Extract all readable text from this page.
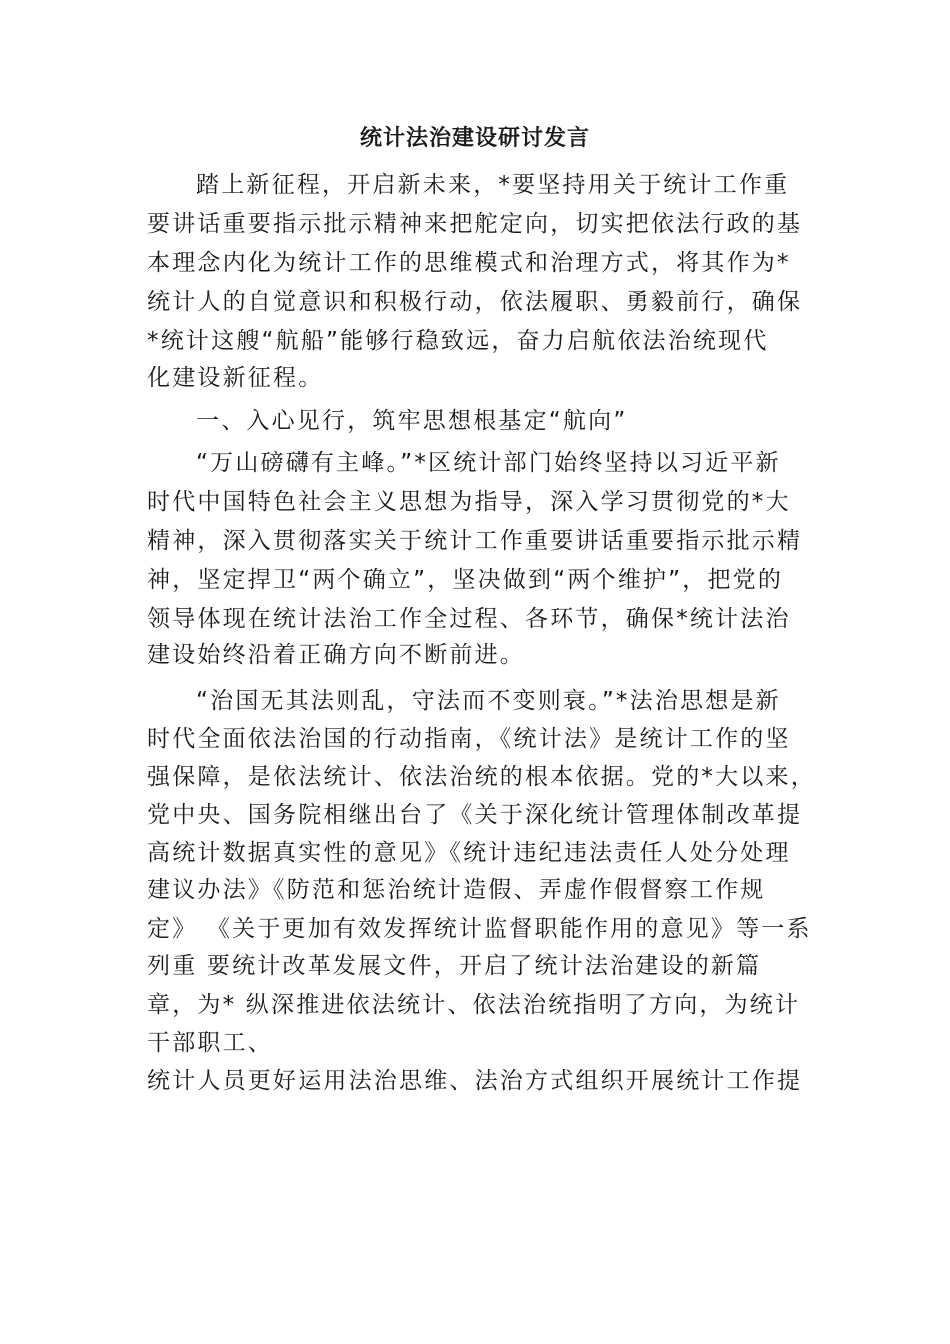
统计法治建设研讨发言
踏上新征程，开启新未来，*要坚持用关于统计工作重
要讲话重要指示批示精神来把舵定向，切实把依法行政的基
本理念内化为统计工作的思维模式和治理方式，将其作为*
统计人的自觉意识和积极行动，依法履职、勇毅前行，确保
*统计这艘“航船”能够行稳致远，奋力启航依法治统现代
化建设新征程。
一、入心见行，筑牢思想根基定“航向”
“万山磅礴有主峰。”*区统计部门始终坚持以习近平新
时代中国特色社会主义思想为指导，深入学习贯彻党的*大
精神，深入贯彻落实关于统计工作重要讲话重要指示批示精
神，坚定捍卫“两个确立”，坚决做到“两个维护”，把党的
领导体现在统计法治工作全过程、各环节，确保*统计法治
建设始终沿着正确方向不断前进。
“治国无其法则乱，守法而不变则衰。”*法治思想是新
时代全面依法治国的行动指南，《统计法》是统计工作的坚
强保障，是依法统计、依法治统的根本依据。党的*大以来，
党中央、国务院相继出台了《关于深化统计管理体制改革提
高统计数据真实性的意见》《统计违纪违法责任人处分处理
建议办法》《防范和惩治统计造假、弄虚作假督察工作规
定》 《关于更加有效发挥统计监督职能作用的意见》等一系
列重 要统计改革发展文件，开启了统计法治建设的新篇
章，为* 纵深推进依法统计、依法治统指明了方向，为统计
干部职工、
统计人员更好运用法治思维、法治方式组织开展统计工作提
